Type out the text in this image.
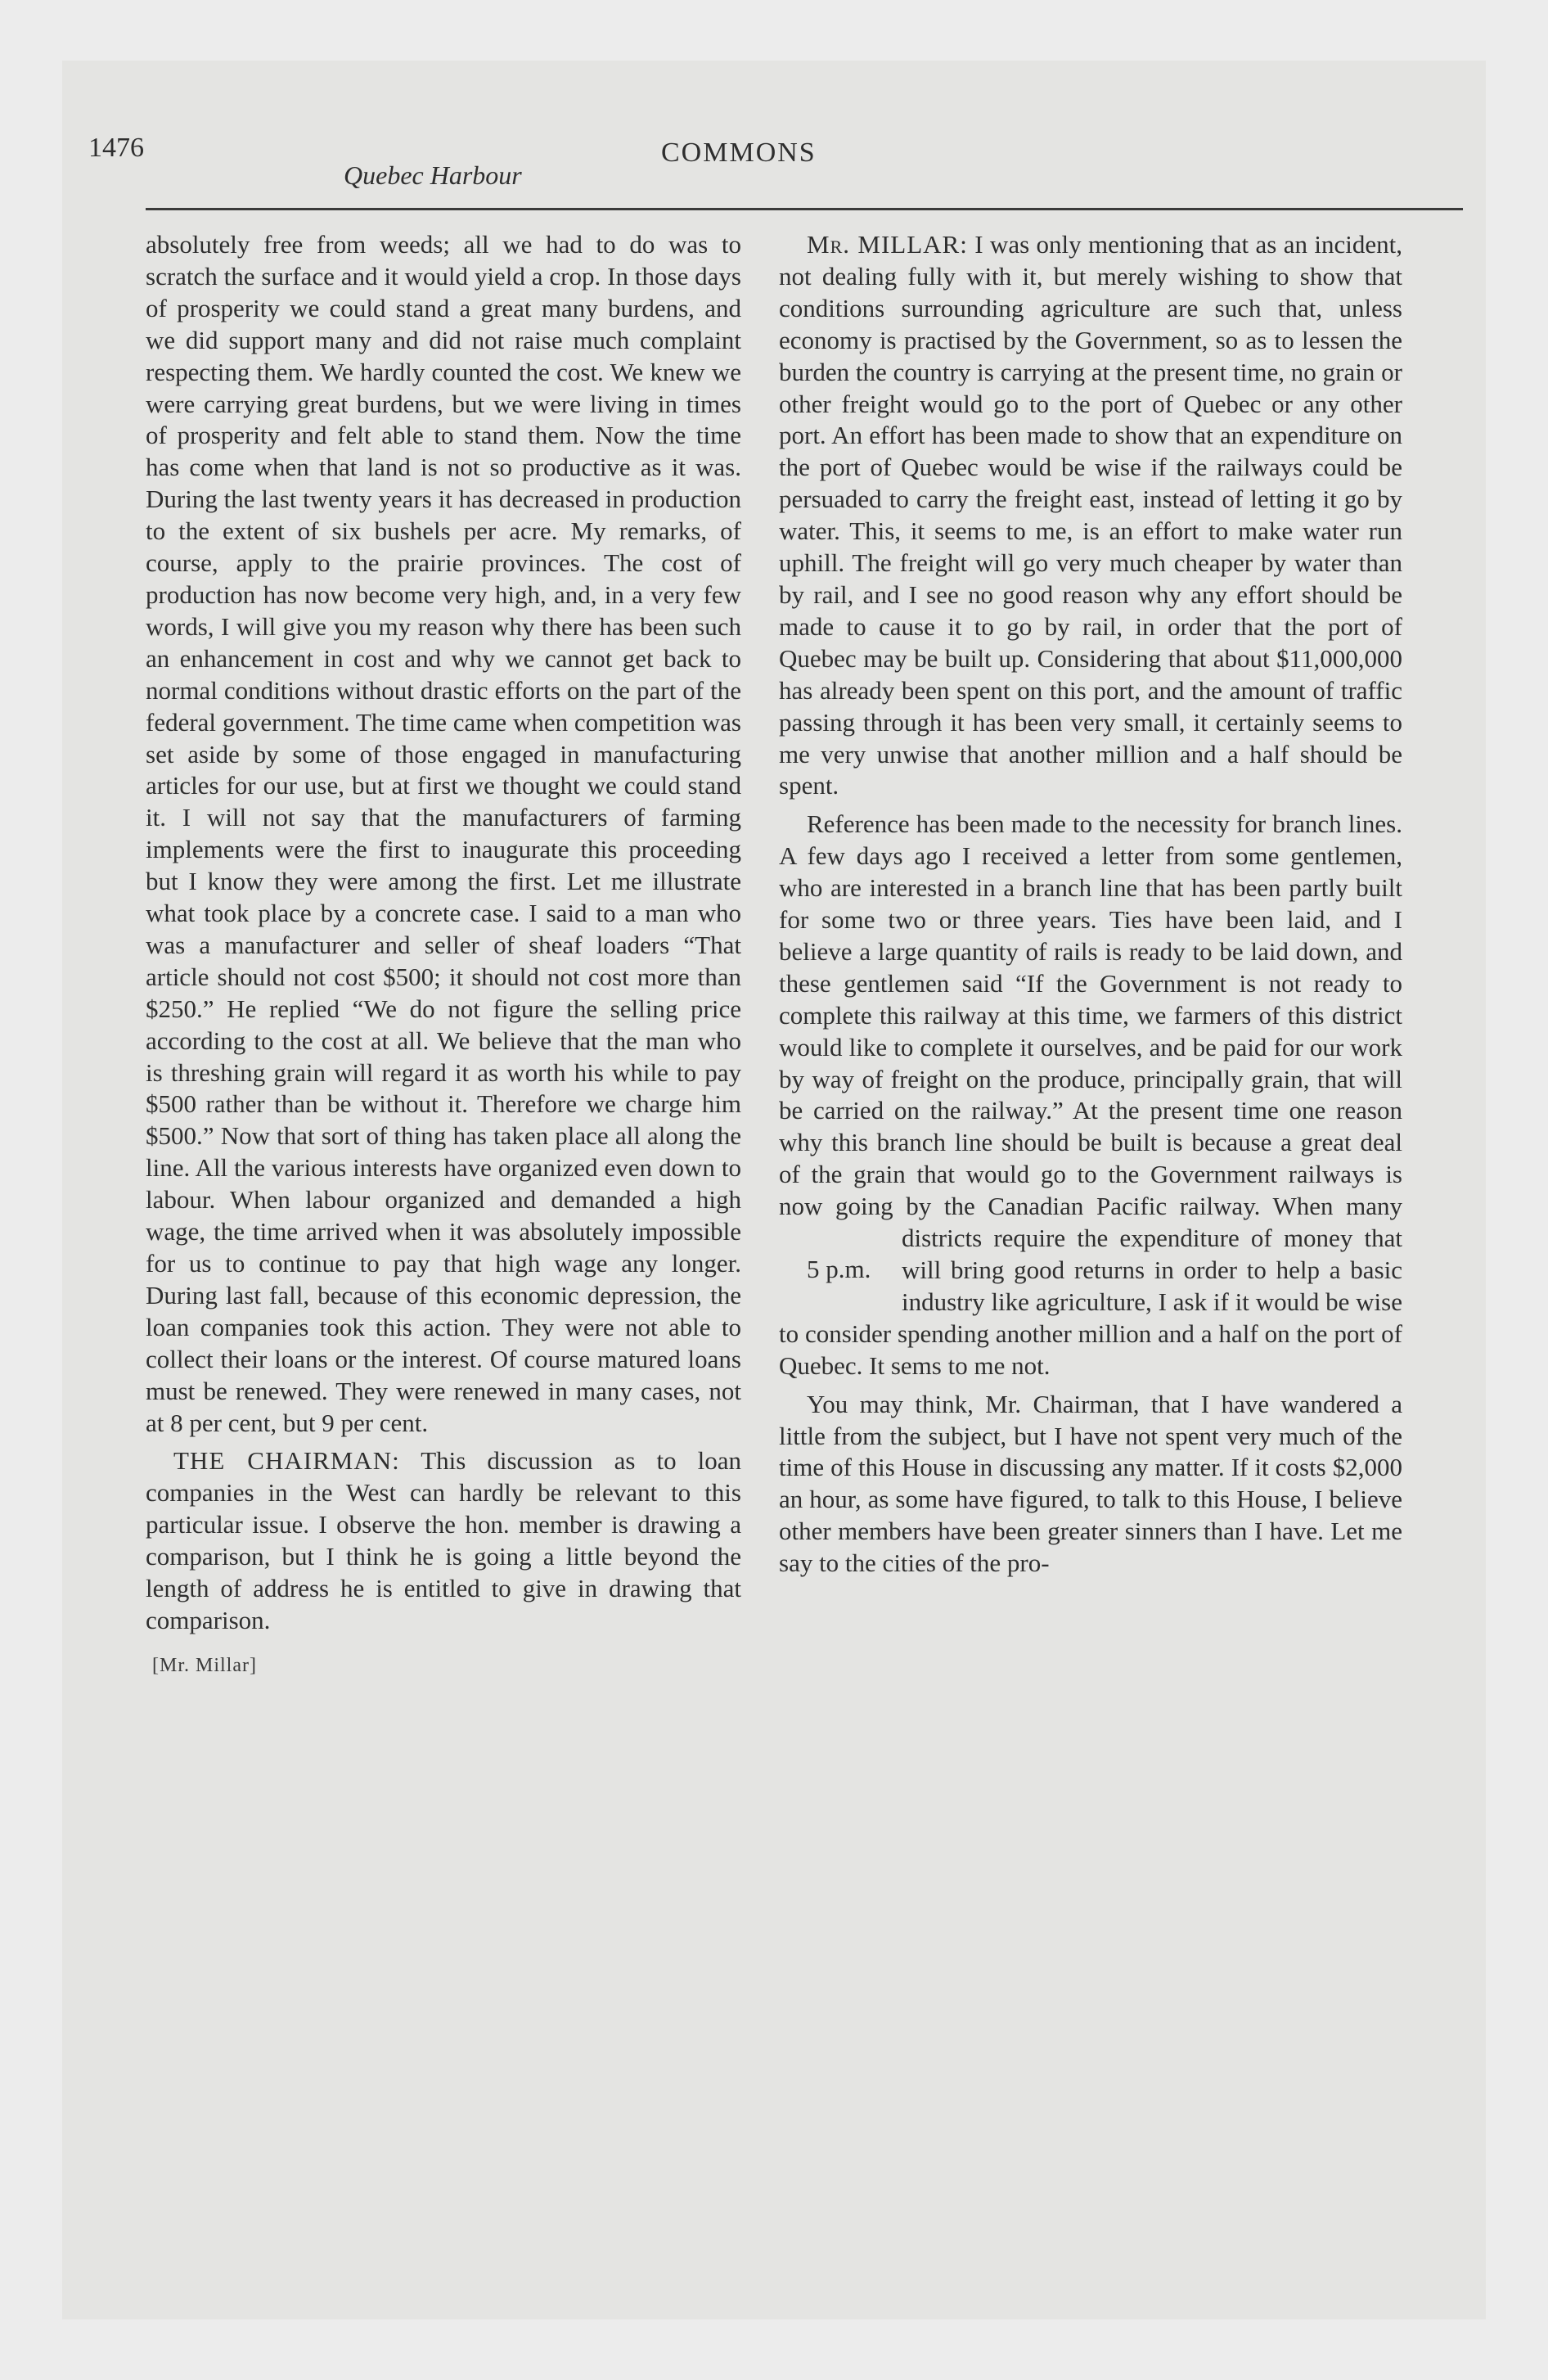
1476

Quebec Harbour

COMMONS

absolutely free from weeds; all we had to do was to scratch the surface and it would yield a crop. In those days of prosperity we could stand a great many burdens, and we did support many and did not raise much complaint respecting them. We hardly counted the cost. We knew we were carrying great burdens, but we were living in times of prosperity and felt able to stand them. Now the time has come when that land is not so productive as it was. During the last twenty years it has decreased in production to the extent of six bushels per acre. My remarks, of course, apply to the prairie provinces. The cost of production has now become very high, and, in a very few words, I will give you my reason why there has been such an enhancement in cost and why we cannot get back to normal conditions without drastic efforts on the part of the federal government. The time came when competition was set aside by some of those engaged in manufacturing articles for our use, but at first we thought we could stand it. I will not say that the manufacturers of farming implements were the first to inaugurate this proceeding but I know they were among the first. Let me illustrate what took place by a concrete case. I said to a man who was a manufacturer and seller of sheaf loaders “That article should not cost $500; it should not cost more than $250.” He replied “We do not figure the selling price according to the cost at all. We believe that the man who is threshing grain will regard it as worth his while to pay $500 rather than be without it. Therefore we charge him $500.” Now that sort of thing has taken place all along the line. All the various interests have organized even down to labour. When labour organized and demanded a high wage, the time arrived when it was absolutely impossible for us to continue to pay that high wage any longer. During last fall, because of this economic depression, the loan companies took this action. They were not able to collect their loans or the interest. Of course matured loans must be renewed. They were renewed in many cases, not at 8 per cent, but 9 per cent.

THE CHAIRMAN: This discussion as to loan companies in the West can hardly be relevant to this particular issue. I observe the hon. member is drawing a comparison, but I think he is going a little beyond the length of address he is entitled to give in drawing that comparison.

[Mr. Millar]

Mr. MILLAR: I was only mentioning that as an incident, not dealing fully with it, but merely wishing to show that conditions surrounding agriculture are such that, unless economy is practised by the Government, so as to lessen the burden the country is carrying at the present time, no grain or other freight would go to the port of Quebec or any other port. An effort has been made to show that an expenditure on the port of Quebec would be wise if the railways could be persuaded to carry the freight east, instead of letting it go by water. This, it seems to me, is an effort to make water run uphill. The freight will go very much cheaper by water than by rail, and I see no good reason why any effort should be made to cause it to go by rail, in order that the port of Quebec may be built up. Considering that about $11,000,000 has already been spent on this port, and the amount of traffic passing through it has been very small, it certainly seems to me very unwise that another million and a half should be spent.

Reference has been made to the necessity for branch lines. A few days ago I received a letter from some gentlemen, who are interested in a branch line that has been partly built for some two or three years. Ties have been laid, and I believe a large quantity of rails is ready to be laid down, and these gentlemen said “If the Government is not ready to complete this railway at this time, we farmers of this district would like to complete it ourselves, and be paid for our work by way of freight on the produce, principally grain, that will be carried on the railway.” At the present time one reason why this branch line should be built is because a great deal of the grain that would go to the Government railways is now going by the Canadian Pacific railway. When many districts require
5 p.m.
the expenditure of money that will bring good returns in order to help a basic industry like agriculture, I ask if it would be wise to consider spending another million and a half on the port of Quebec. It sems to me not.

You may think, Mr. Chairman, that I have wandered a little from the subject, but I have not spent very much of the time of this House in discussing any matter. If it costs $2,000 an hour, as some have figured, to talk to this House, I believe other members have been greater sinners than I have. Let me say to the cities of the pro-
